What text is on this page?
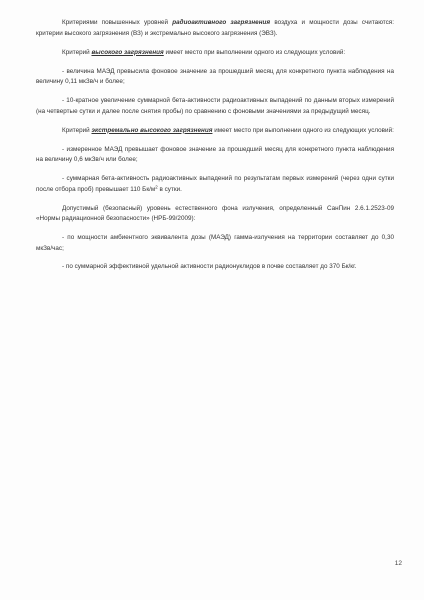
Критериями повышенных уровней радиоактивного загрязнения воздуха и мощности дозы считаются: критерии высокого загрязнения (ВЗ) и экстремально высокого загрязнения (ЭВЗ).

Критерий высокого загрязнения имеет место при выполнении одного из следующих условий:

- величина МАЭД превысила фоновое значение за прошедший месяц для конкретного пункта наблюдения на величину 0,11 мкЗв/ч и более;

- 10-кратное увеличение суммарной бета-активности радиоактивных выпадений по данным вторых измерений (на четвертые сутки и далее после снятия пробы) по сравнению с фоновыми значениями за предыдущий месяц.

Критерий экстремально высокого загрязнения имеет место при выполнении одного из следующих условий:

- измеренное МАЭД превышает фоновое значение за прошедший месяц для конкретного пункта наблюдения на величину 0,6 мкЗв/ч или более;

- суммарная бета-активность радиоактивных выпадений по результатам первых измерений (через одни сутки после отбора проб) превышает 110 $Бк/м^2$ в сутки.

Допустимый (безопасный) уровень естественного фона излучения, определенный СанПин 2.6.1.2523-09 «Нормы радиационной безопасности» (НРБ-99/2009):

- по мощности амбиентного эквивалента дозы (МАЭД) гамма-излучения на территории составляет до 0,30 мкЗв/час;

- по суммарной эффективной удельной активности радионуклидов в почве составляет до 370 Бк/кг.

12
